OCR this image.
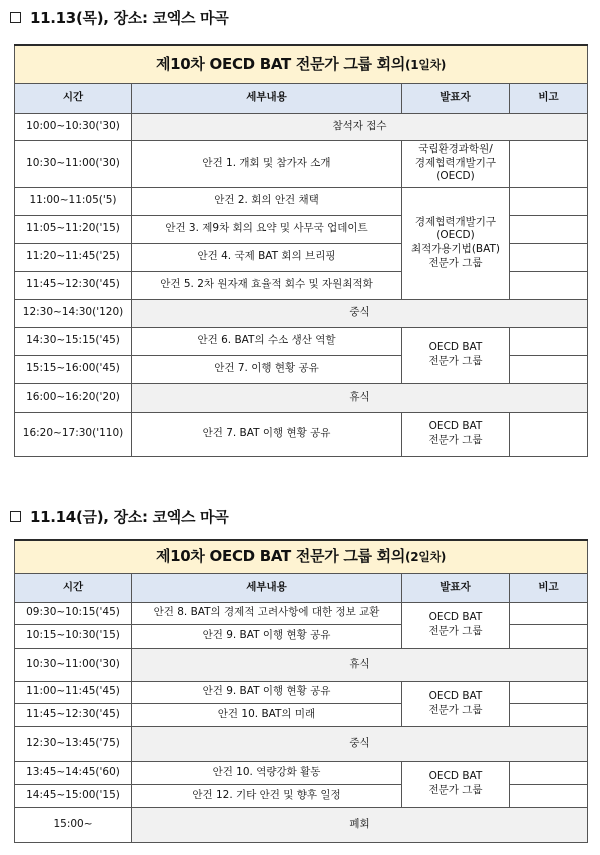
11.13(목), 장소: 코엑스 마곡
제10차 OECD BAT 전문가 그룹 회의(1일차)			
시간	세부내용	발표자	비고
10:00~10:30('30)	참석자 접수		
10:30~11:00('30)	안건 1. 개회 및 참가자 소개	국립환경과학원/
경제협력개발기구
(OECD)	

11:00~11:05('5)	안건 2. 회의 안건 채택	경제협력개발기구
(OECD)
최적가용기법(BAT)
전문가 그룹	

11:05~11:20('15)	안건 3. 제9차 회의 요약 및 사무국 업데이트		
11:20~11:45('25)	안건 4. 국제 BAT 회의 브리핑		
11:45~12:30('45)	안건 5. 2차 원자재 효율적 회수 및 자원최적화		
12:30~14:30('120)	중식		
14:30~15:15('45)	안건 6. BAT의 수소 생산 역할	OECD BAT
전문가 그룹	

15:15~16:00('45)	안건 7. 이행 현황 공유		
16:00~16:20('20)	휴식		
16:20~17:30('110)	안건 7. BAT 이행 현황 공유	OECD BAT
전문가 그룹	

11.14(금), 장소: 코엑스 마곡
제10차 OECD BAT 전문가 그룹 회의(2일차)			
시간	세부내용	발표자	비고
09:30~10:15('45)	안건 8. BAT의 경제적 고려사항에 대한 정보 교환	OECD BAT
전문가 그룹	

10:15~10:30('15)	안건 9. BAT 이행 현황 공유		
10:30~11:00('30)	휴식		
11:00~11:45('45)	안건 9. BAT 이행 현황 공유	OECD BAT
전문가 그룹	

11:45~12:30('45)	안건 10. BAT의 미래		
12:30~13:45('75)	중식		
13:45~14:45('60)	안건 10. 역량강화 활동	OECD BAT
전문가 그룹	

14:45~15:00('15)	안건 12. 기타 안건 및 향후 일정		
15:00~	폐회		
